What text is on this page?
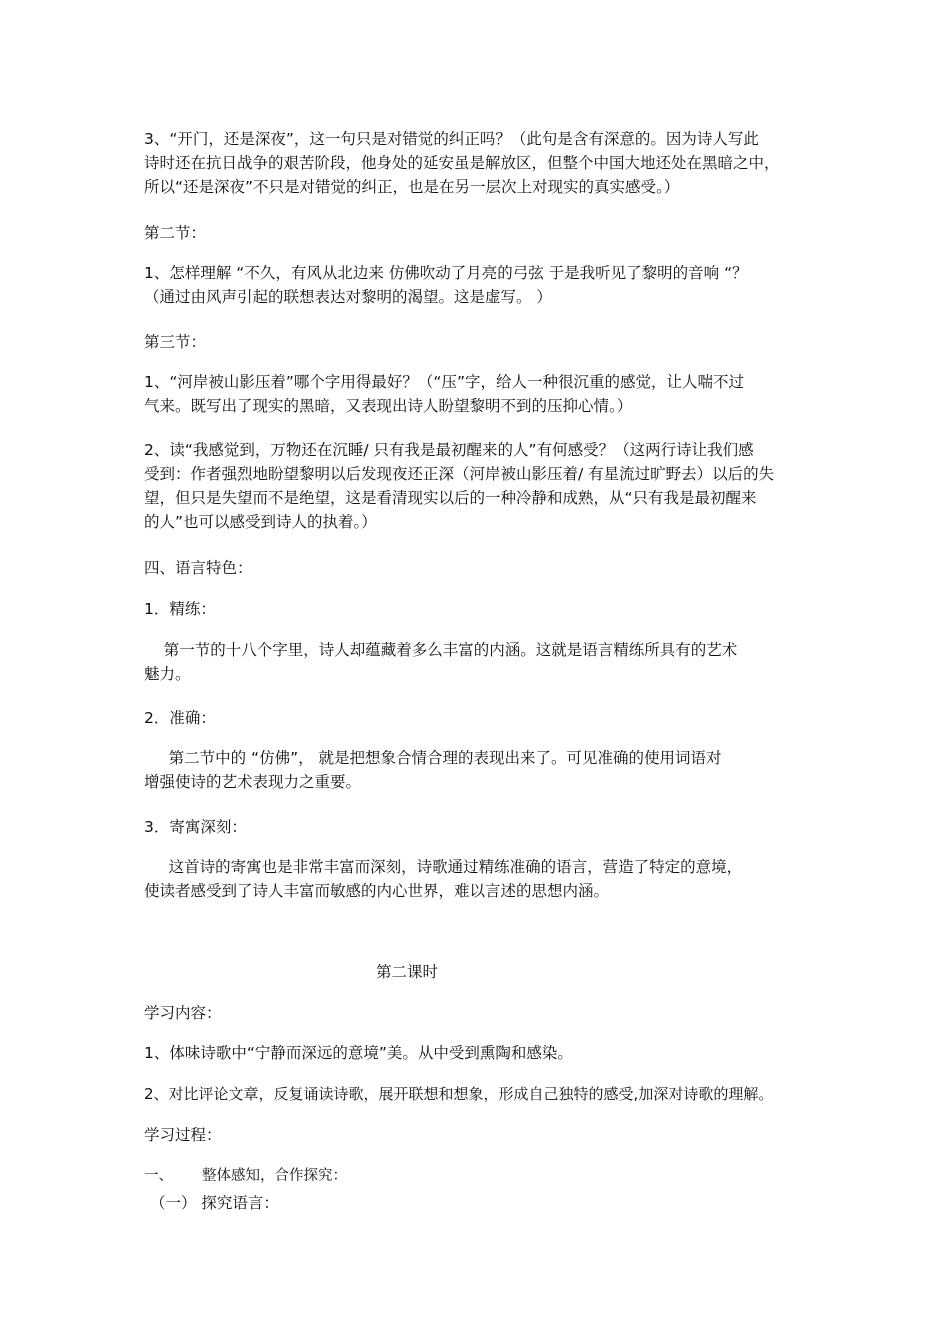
3、“开门，还是深夜”，这一句只是对错觉的纠正吗？（此句是含有深意的。因为诗人写此
诗时还在抗日战争的艰苦阶段，他身处的延安虽是解放区，但整个中国大地还处在黑暗之中，
所以“还是深夜”不只是对错觉的纠正，也是在另一层次上对现实的真实感受。）
第二节：
1、怎样理解 “不久，有风从北边来 仿佛吹动了月亮的弓弦 于是我听见了黎明的音响 “？
（通过由风声引起的联想表达对黎明的渴望。这是虚写。 ）
第三节：
1、“河岸被山影压着”哪个字用得最好？（“压”字，给人一种很沉重的感觉，让人喘不过
气来。既写出了现实的黑暗，又表现出诗人盼望黎明不到的压抑心情。）
2、读“我感觉到，万物还在沉睡/ 只有我是最初醒来的人”有何感受？（这两行诗让我们感
受到：作者强烈地盼望黎明以后发现夜还正深（河岸被山影压着/ 有星流过旷野去）以后的失
望，但只是失望而不是绝望，这是看清现实以后的一种冷静和成熟，从“只有我是最初醒来
的人”也可以感受到诗人的执着。）
四、语言特色：
1．精练：
第一节的十八个字里，诗人却蕴藏着多么丰富的内涵。这就是语言精练所具有的艺术
魅力。
2．准确：
第二节中的 “仿佛”， 就是把想象合情合理的表现出来了。可见准确的使用词语对
增强使诗的艺术表现力之重要。
3．寄寓深刻：
这首诗的寄寓也是非常丰富而深刻，诗歌通过精练准确的语言，营造了特定的意境，
使读者感受到了诗人丰富而敏感的内心世界，难以言述的思想内涵。
第二课时
学习内容：
1、体味诗歌中“宁静而深远的意境”美。从中受到熏陶和感染。
2、对比评论文章，反复诵读诗歌，展开联想和想象，形成自己独特的感受,加深对诗歌的理解。
学习过程：
一、	整体感知，合作探究：
（一） 探究语言：
